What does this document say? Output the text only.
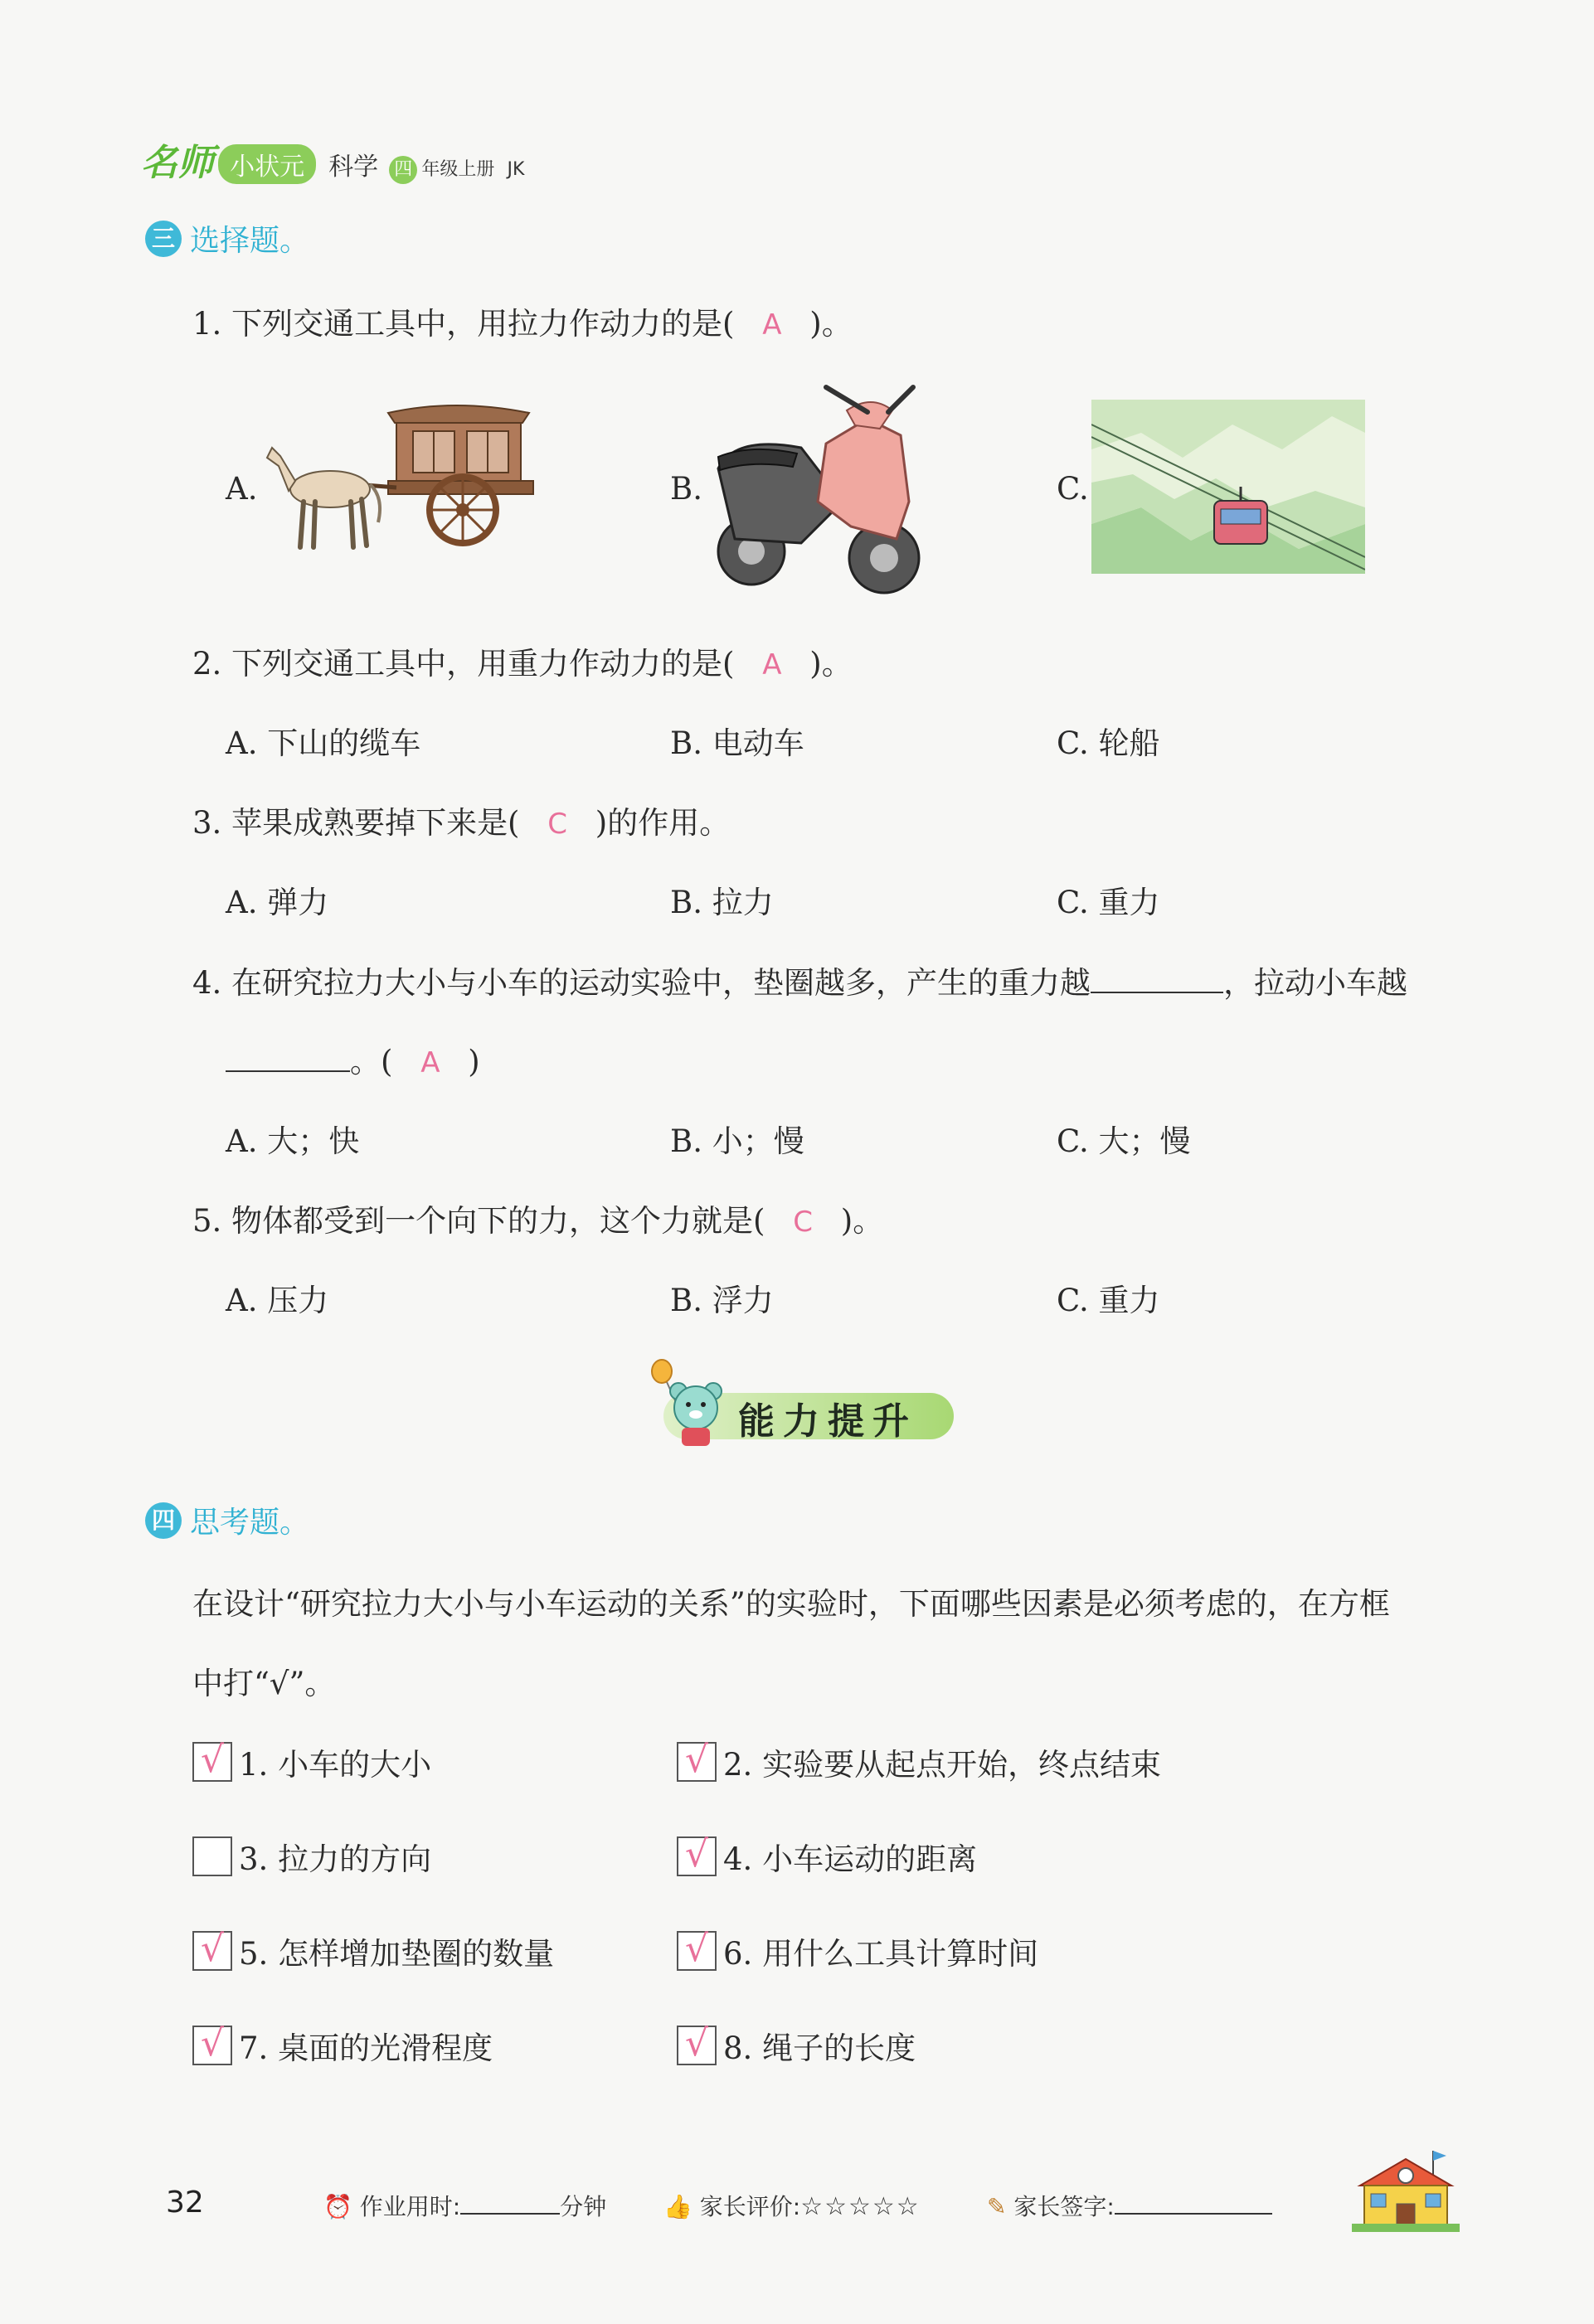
名师 小状元 科学 四 年级上册 JK
三 选择题。
1. 下列交通工具中，用拉力作动力的是( A )。
A.	B.	C.
2. 下列交通工具中，用重力作动力的是( A )。
A. 下山的缆车	B. 电动车	C. 轮船
3. 苹果成熟要掉下来是( C )的作用。
A. 弹力	B. 拉力	C. 重力
4. 在研究拉力大小与小车的运动实验中，垫圈越多，产生的重力越	，拉动小车越
。( A )
A. 大；快	B. 小；慢	C. 大；慢
5. 物体都受到一个向下的力，这个力就是( C )。
A. 压力	B. 浮力	C. 重力
能力提升
四 思考题。
在设计“研究拉力大小与小车运动的关系”的实验时，下面哪些因素是必须考虑的，在方框
中打“√”。
√ 1. 小车的大小	√ 2. 实验要从起点开始，终点结束
3. 拉力的方向	√ 4. 小车运动的距离
√ 5. 怎样增加垫圈的数量	√ 6. 用什么工具计算时间
√ 7. 桌面的光滑程度	√ 8. 绳子的长度
32	⏰ 作业用时:	分钟 👍 家长评价:☆☆☆☆☆	✎ 家长签字:
